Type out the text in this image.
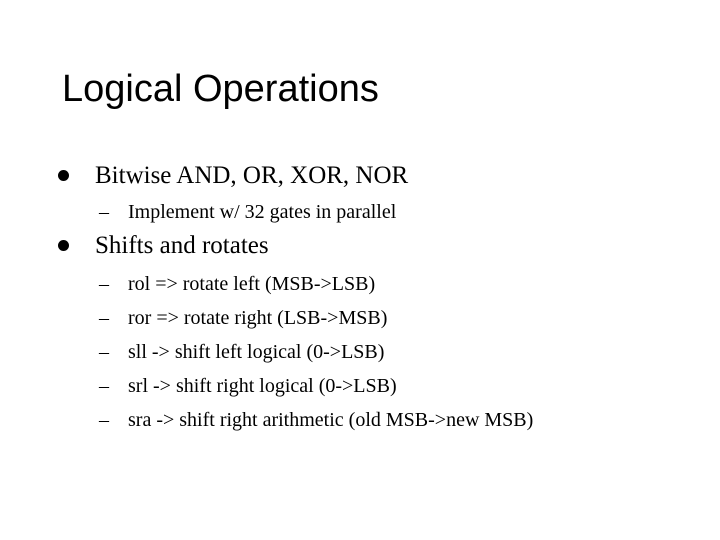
Logical Operations
Bitwise AND, OR, XOR, NOR
– Implement w/ 32 gates in parallel
Shifts and rotates
– rol => rotate left (MSB->LSB)
– ror => rotate right (LSB->MSB)
– sll -> shift left logical (0->LSB)
– srl -> shift right logical (0->LSB)
– sra -> shift right arithmetic (old MSB->new MSB)
